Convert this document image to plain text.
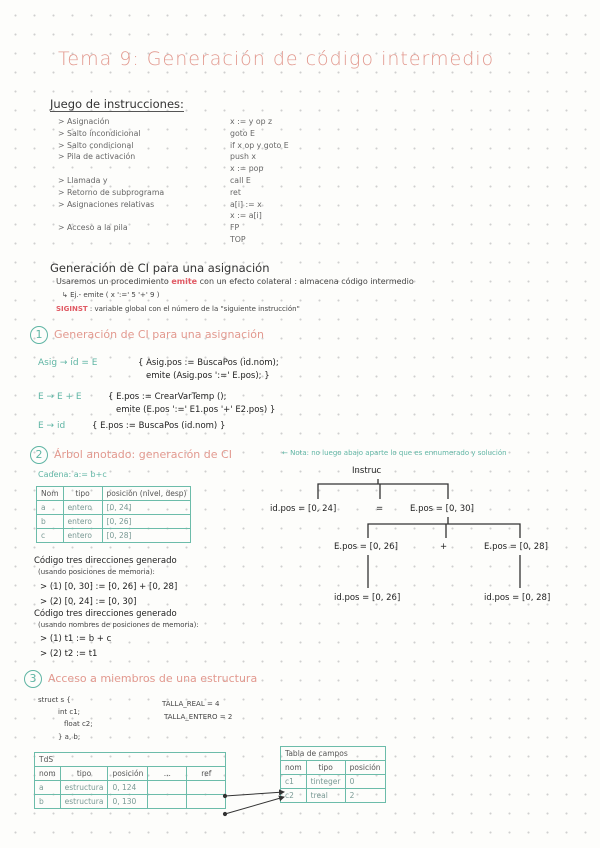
Tema 9: Generación de código intermedio
Juego de instrucciones:
> Asignación	x := y op z
> Salto incondicional	goto E
> Salto condicional	if x op y goto E
> Pila de activación	push x
x := pop
> Llamada y	call E
> Retorno de subprograma	ret
> Asignaciones relativas	a[i] := x
x := a[i]
> Acceso a la pila	FP
TOP
Generación de CI para una asignación
Usaremos un procedimiento emite con un efecto colateral : almacena código intermedio
↳ Ej.- emite ( x ':=' 5 '+' 9 )
SIGINST : variable global con el número de la "siguiente instrucción"
1 Generación de CI para una asignación
Asig → id = E	{ Asig.pos := BuscaPos (id.nom);
emite (Asig.pos ':=' E.pos); }
E → E + E	{ E.pos := CrearVarTemp ();
emite (E.pos ':=' E1.pos '+' E2.pos) }
E → id	{ E.pos := BuscaPos (id.nom) }
2 Árbol anotado: generación de CI	← Nota: no luego abajo aparte lo que es ennumerado y solución
Cadena: a:= b+c
Nom	tipo	posición (nivel, desp)
a	entero	[0, 24]
b	entero	[0, 26]
c	entero	[0, 28]
Instruc
id.pos = [0, 24]	=	E.pos = [0, 30]
E.pos = [0, 26]	+	E.pos = [0, 28]
id.pos = [0, 26]	id.pos = [0, 28]
Código tres direcciones generado
(usando posiciones de memoria):
> (1) [0, 30] := [0, 26] + [0, 28]
> (2) [0, 24] := [0, 30]
Código tres direcciones generado
(usando nombres de posiciones de memoria):
> (1) t1 := b + c
> (2) t2 := t1
3 Acceso a miembros de una estructura
struct s {
int c1;
float c2;
} a, b;
TALLA_REAL = 4
TALLA_ENTERO = 2
TdS				
nom	tipo	posición	...	ref
a	estructura	0, 124		
b	estructura	0, 130		
Tabla de campos		
nom	tipo	posición
c1	tinteger	0
c2	treal	2
